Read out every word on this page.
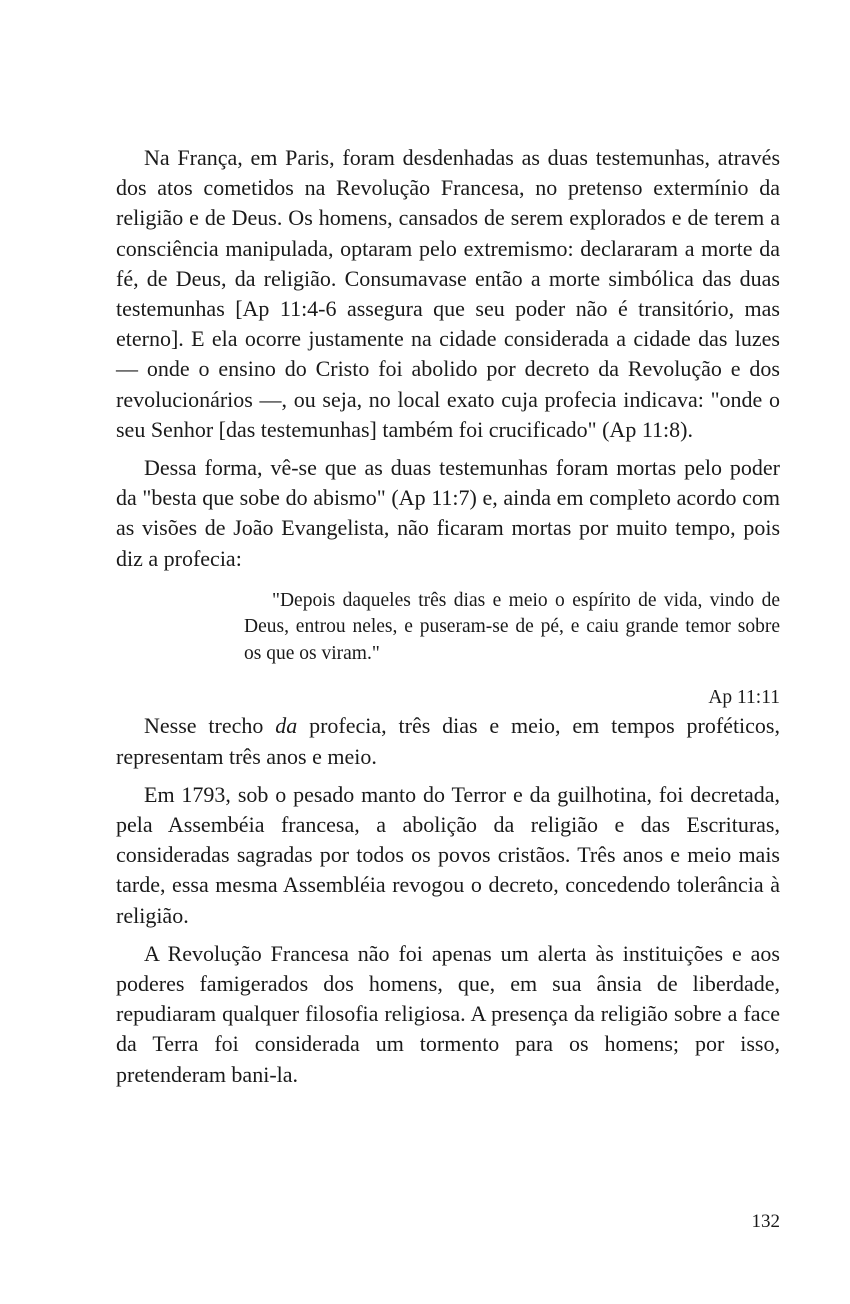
Na França, em Paris, foram desdenhadas as duas testemunhas, através dos atos cometidos na Revolução Francesa, no pretenso extermínio da religião e de Deus. Os homens, cansados de serem explorados e de terem a consciência manipulada, optaram pelo extremismo: declararam a morte da fé, de Deus, da religião. Consumavase então a morte simbólica das duas testemunhas [Ap 11:4-6 assegura que seu poder não é transitório, mas eterno]. E ela ocorre justamente na cidade considerada a cidade das luzes — onde o ensino do Cristo foi abolido por decreto da Revolução e dos revolucionários —, ou seja, no local exato cuja profecia indicava: "onde o seu Senhor [das testemunhas] também foi crucificado" (Ap 11:8).

Dessa forma, vê-se que as duas testemunhas foram mortas pelo poder da "besta que sobe do abismo" (Ap 11:7) e, ainda em completo acordo com as visões de João Evangelista, não ficaram mortas por muito tempo, pois diz a profecia:

"Depois daqueles três dias e meio o espírito de vida, vindo de Deus, entrou neles, e puseram-se de pé, e caiu grande temor sobre os que os viram."

Ap 11:11

Nesse trecho da profecia, três dias e meio, em tempos proféticos, representam três anos e meio.

Em 1793, sob o pesado manto do Terror e da guilhotina, foi decretada, pela Assembéia francesa, a abolição da religião e das Escrituras, consideradas sagradas por todos os povos cristãos. Três anos e meio mais tarde, essa mesma Assembléia revogou o decreto, concedendo tolerância à religião.

A Revolução Francesa não foi apenas um alerta às instituições e aos poderes famigerados dos homens, que, em sua ânsia de liberdade, repudiaram qualquer filosofia religiosa. A presença da religião sobre a face da Terra foi considerada um tormento para os homens; por isso, pretenderam bani-la.

132
